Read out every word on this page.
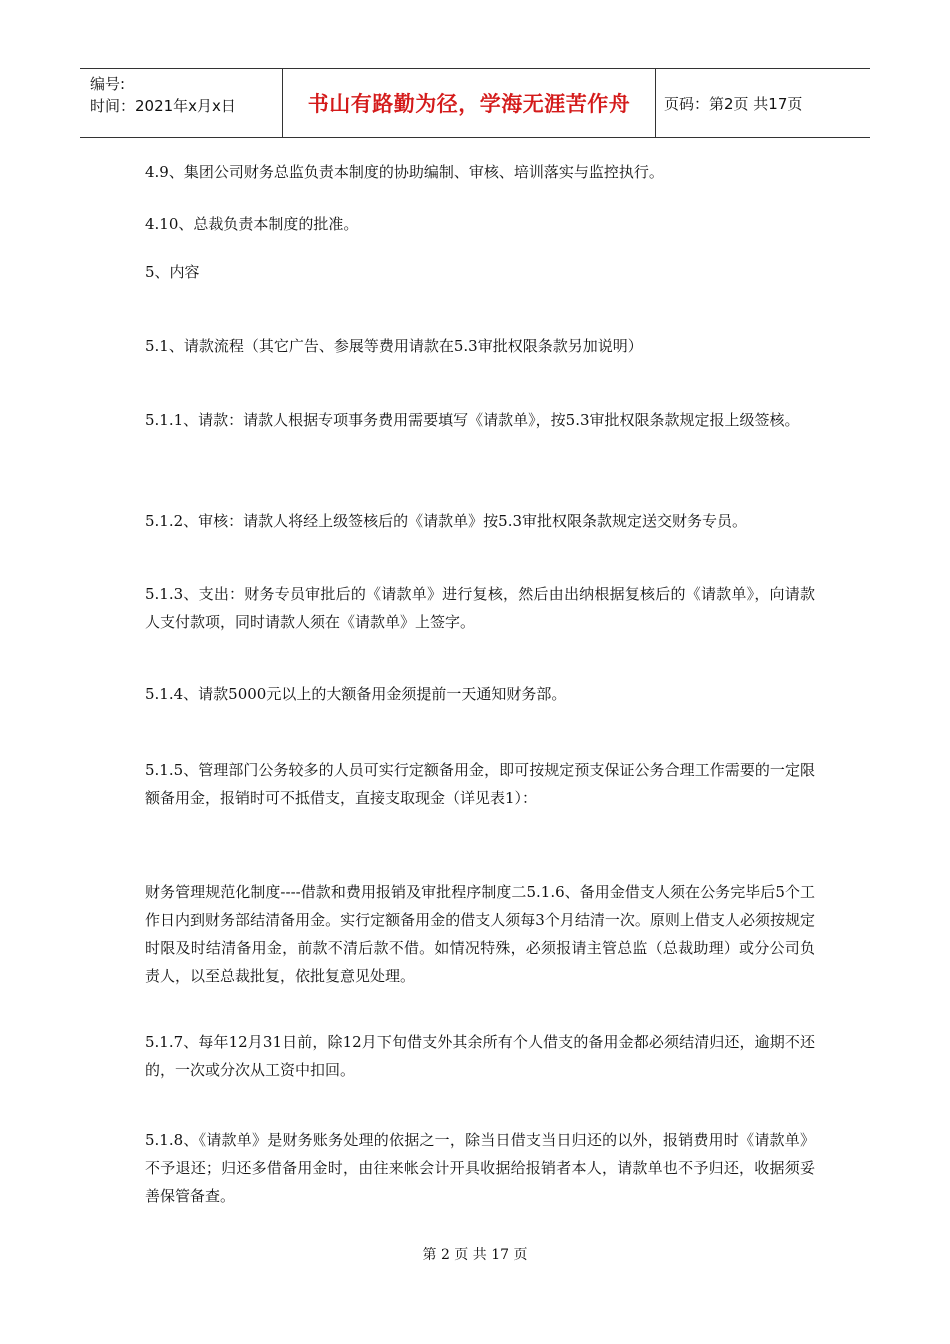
编号:
时间：2021年x月x日	书山有路勤为径，学海无涯苦作舟	页码：第2页 共17页

4.9、集团公司财务总监负责本制度的协助编制、审核、培训落实与监控执行。

4.10、总裁负责本制度的批准。

5、内容

5.1、请款流程（其它广告、参展等费用请款在5.3审批权限条款另加说明）

5.1.1、请款：请款人根据专项事务费用需要填写《请款单》，按5.3审批权限条款规定报上级签核。

5.1.2、审核：请款人将经上级签核后的《请款单》按5.3审批权限条款规定送交财务专员。

5.1.3、支出：财务专员审批后的《请款单》进行复核，然后由出纳根据复核后的《请款单》，向请款人支付款项，同时请款人须在《请款单》上签字。

5.1.4、请款5000元以上的大额备用金须提前一天通知财务部。

5.1.5、管理部门公务较多的人员可实行定额备用金，即可按规定预支保证公务合理工作需要的一定限额备用金，报销时可不抵借支，直接支取现金（详见表1）：

财务管理规范化制度----借款和费用报销及审批程序制度二5.1.6、备用金借支人须在公务完毕后5个工作日内到财务部结清备用金。实行定额备用金的借支人须每3个月结清一次。原则上借支人必须按规定时限及时结清备用金，前款不清后款不借。如情况特殊，必须报请主管总监（总裁助理）或分公司负责人，以至总裁批复，依批复意见处理。

5.1.7、每年12月31日前，除12月下旬借支外其余所有个人借支的备用金都必须结清归还，逾期不还的，一次或分次从工资中扣回。

5.1.8、《请款单》是财务账务处理的依据之一，除当日借支当日归还的以外，报销费用时《请款单》不予退还；归还多借备用金时，由往来帐会计开具收据给报销者本人，请款单也不予归还，收据须妥善保管备查。

第 2 页 共 17 页
